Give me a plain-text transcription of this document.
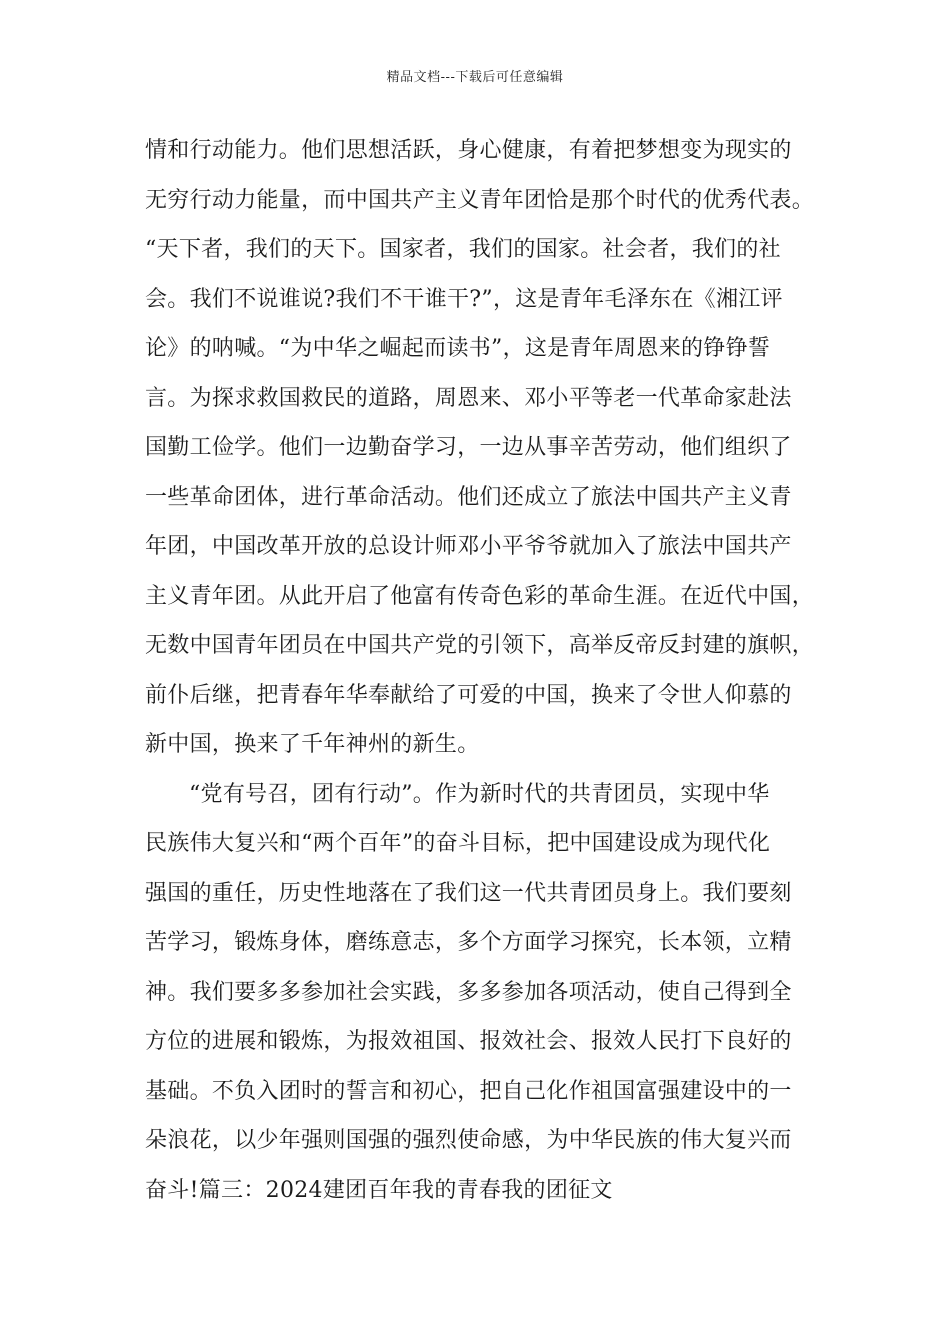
精品文档---下载后可任意编辑
情和行动能力。他们思想活跃，身心健康，有着把梦想变为现实的
无穷行动力能量，而中国共产主义青年团恰是那个时代的优秀代表。
“天下者，我们的天下。国家者，我们的国家。社会者，我们的社
会。我们不说谁说?我们不干谁干?”，这是青年毛泽东在《湘江评
论》的呐喊。“为中华之崛起而读书”，这是青年周恩来的铮铮誓
言。为探求救国救民的道路，周恩来、邓小平等老一代革命家赴法
国勤工俭学。他们一边勤奋学习，一边从事辛苦劳动，他们组织了
一些革命团体，进行革命活动。他们还成立了旅法中国共产主义青
年团，中国改革开放的总设计师邓小平爷爷就加入了旅法中国共产
主义青年团。从此开启了他富有传奇色彩的革命生涯。在近代中国，
无数中国青年团员在中国共产党的引领下，高举反帝反封建的旗帜，
前仆后继，把青春年华奉献给了可爱的中国，换来了令世人仰慕的
新中国，换来了千年神州的新生。
“党有号召，团有行动”。作为新时代的共青团员，实现中华
民族伟大复兴和“两个百年”的奋斗目标，把中国建设成为现代化
强国的重任，历史性地落在了我们这一代共青团员身上。我们要刻
苦学习，锻炼身体，磨练意志，多个方面学习探究，长本领，立精
神。我们要多多参加社会实践，多多参加各项活动，使自己得到全
方位的进展和锻炼，为报效祖国、报效社会、报效人民打下良好的
基础。不负入团时的誓言和初心，把自己化作祖国富强建设中的一
朵浪花，以少年强则国强的强烈使命感，为中华民族的伟大复兴而
奋斗!篇三：2024建团百年我的青春我的团征文
